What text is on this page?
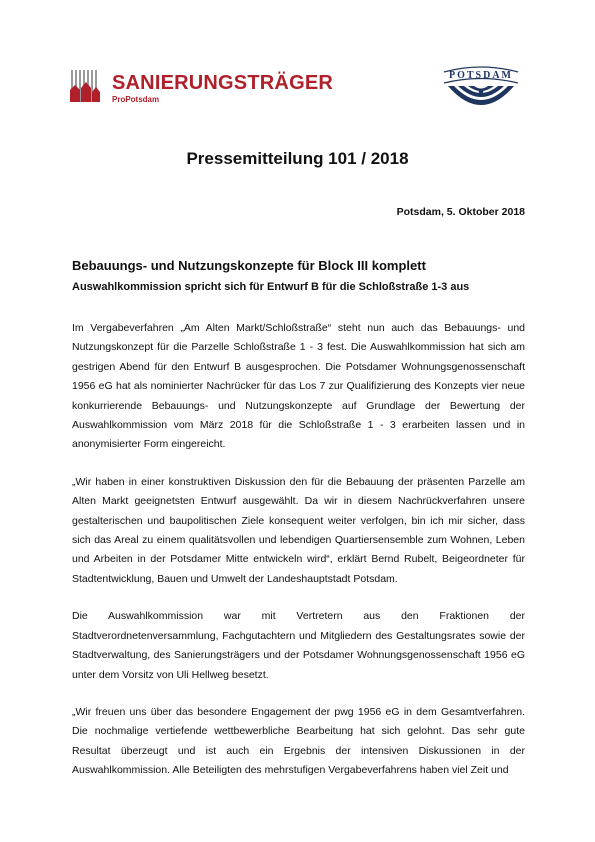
SANIERUNGSTRÄGER
ProPotsdam
POTSDAM
Pressemitteilung 101 / 2018
Potsdam, 5. Oktober 2018
Bebauungs- und Nutzungskonzepte für Block III komplett
Auswahlkommission spricht sich für Entwurf B für die Schloßstraße 1-3 aus

Im Vergabeverfahren „Am Alten Markt/Schloßstraße“ steht nun auch das Bebauungs- und Nutzungskonzept für die Parzelle Schloßstraße 1 - 3 fest. Die Auswahlkommission hat sich am gestrigen Abend für den Entwurf B ausgesprochen. Die Potsdamer Wohnungsgenossenschaft 1956 eG hat als nominierter Nachrücker für das Los 7 zur Qualifizierung des Konzepts vier neue konkurrierende Bebauungs- und Nutzungskonzepte auf Grundlage der Bewertung der Auswahlkommission vom März 2018 für die Schloßstraße 1 - 3 erarbeiten lassen und in anonymisierter Form eingereicht.

„Wir haben in einer konstruktiven Diskussion den für die Bebauung der präsenten Parzelle am Alten Markt geeignetsten Entwurf ausgewählt. Da wir in diesem Nachrückverfahren unsere gestalterischen und baupolitischen Ziele konsequent weiter verfolgen, bin ich mir sicher, dass sich das Areal zu einem qualitätsvollen und lebendigen Quartiersensemble zum Wohnen, Leben und Arbeiten in der Potsdamer Mitte entwickeln wird“, erklärt Bernd Rubelt, Beigeordneter für Stadtentwicklung, Bauen und Umwelt der Landeshauptstadt Potsdam.

Die Auswahlkommission war mit Vertretern aus den Fraktionen der Stadtverordnetenversammlung, Fachgutachtern und Mitgliedern des Gestaltungsrates sowie der Stadtverwaltung, des Sanierungsträgers und der Potsdamer Wohnungsgenossenschaft 1956 eG unter dem Vorsitz von Uli Hellweg besetzt.

„Wir freuen uns über das besondere Engagement der pwg 1956 eG in dem Gesamtverfahren. Die nochmalige vertiefende wettbewerbliche Bearbeitung hat sich gelohnt. Das sehr gute Resultat überzeugt und ist auch ein Ergebnis der intensiven Diskussionen in der Auswahlkommission. Alle Beteiligten des mehrstufigen Vergabeverfahrens haben viel Zeit und
